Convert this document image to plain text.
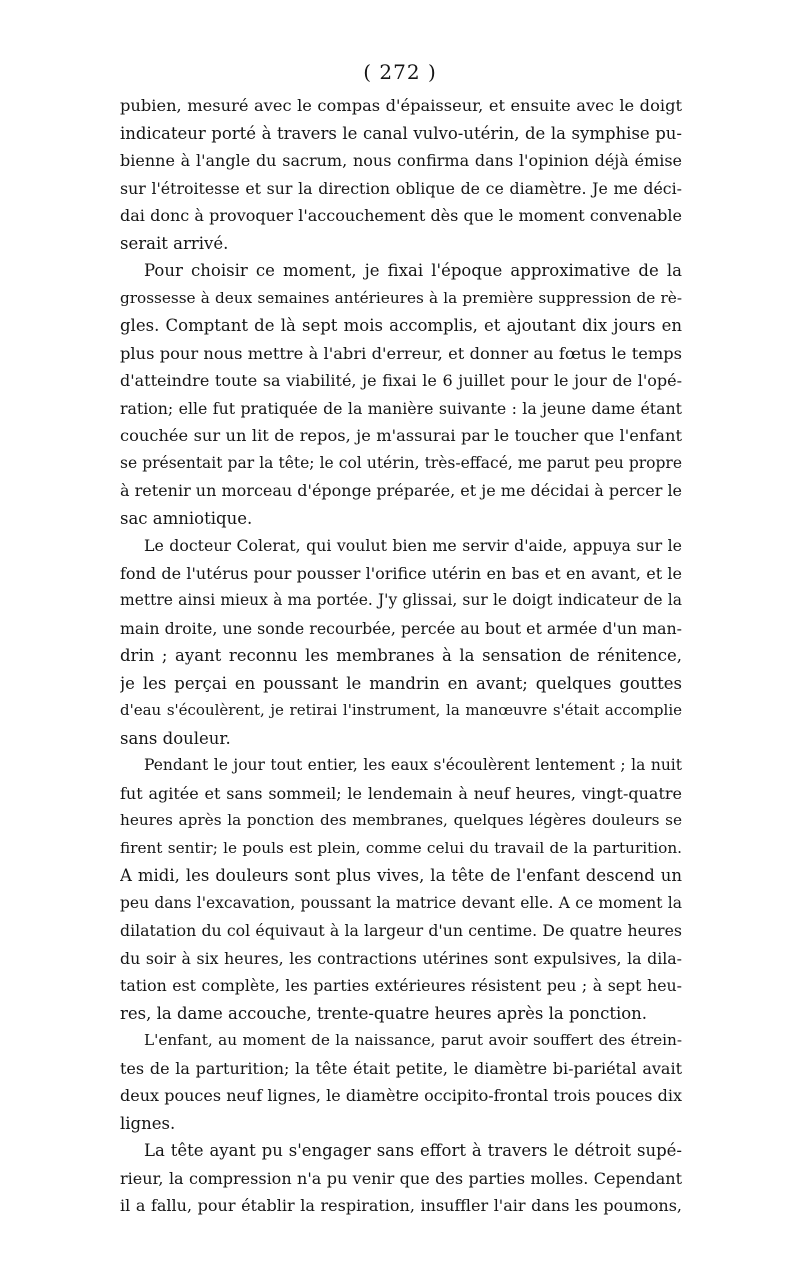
( 272 )
pubien, mesuré avec le compas d'épaisseur, et ensuite avec le doigt
indicateur porté à travers le canal vulvo-utérin, de la symphise pu-
bienne à l'angle du sacrum, nous confirma dans l'opinion déjà émise
sur l'étroitesse et sur la direction oblique de ce diamètre. Je me déci-
dai donc à provoquer l'accouchement dès que le moment convenable
serait arrivé.
Pour choisir ce moment, je fixai l'époque approximative de la
grossesse à deux semaines antérieures à la première suppression de rè-
gles. Comptant de là sept mois accomplis, et ajoutant dix jours en
plus pour nous mettre à l'abri d'erreur, et donner au fœtus le temps
d'atteindre toute sa viabilité, je fixai le 6 juillet pour le jour de l'opé-
ration; elle fut pratiquée de la manière suivante : la jeune dame étant
couchée sur un lit de repos, je m'assurai par le toucher que l'enfant
se présentait par la tête; le col utérin, très-effacé, me parut peu propre
à retenir un morceau d'éponge préparée, et je me décidai à percer le
sac amniotique.
Le docteur Colerat, qui voulut bien me servir d'aide, appuya sur le
fond de l'utérus pour pousser l'orifice utérin en bas et en avant, et le
mettre ainsi mieux à ma portée. J'y glissai, sur le doigt indicateur de la
main droite, une sonde recourbée, percée au bout et armée d'un man-
drin ; ayant reconnu les membranes à la sensation de rénitence,
je les perçai en poussant le mandrin en avant; quelques gouttes
d'eau s'écoulèrent, je retirai l'instrument, la manœuvre s'était accomplie
sans douleur.
Pendant le jour tout entier, les eaux s'écoulèrent lentement ; la nuit
fut agitée et sans sommeil; le lendemain à neuf heures, vingt-quatre
heures après la ponction des membranes, quelques légères douleurs se
firent sentir; le pouls est plein, comme celui du travail de la parturition.
A midi, les douleurs sont plus vives, la tête de l'enfant descend un
peu dans l'excavation, poussant la matrice devant elle. A ce moment la
dilatation du col équivaut à la largeur d'un centime. De quatre heures
du soir à six heures, les contractions utérines sont expulsives, la dila-
tation est complète, les parties extérieures résistent peu ; à sept heu-
res, la dame accouche, trente-quatre heures après la ponction.
L'enfant, au moment de la naissance, parut avoir souffert des étrein-
tes de la parturition; la tête était petite, le diamètre bi-pariétal avait
deux pouces neuf lignes, le diamètre occipito-frontal trois pouces dix
lignes.
La tête ayant pu s'engager sans effort à travers le détroit supé-
rieur, la compression n'a pu venir que des parties molles. Cependant
il a fallu, pour établir la respiration, insuffler l'air dans les poumons,
